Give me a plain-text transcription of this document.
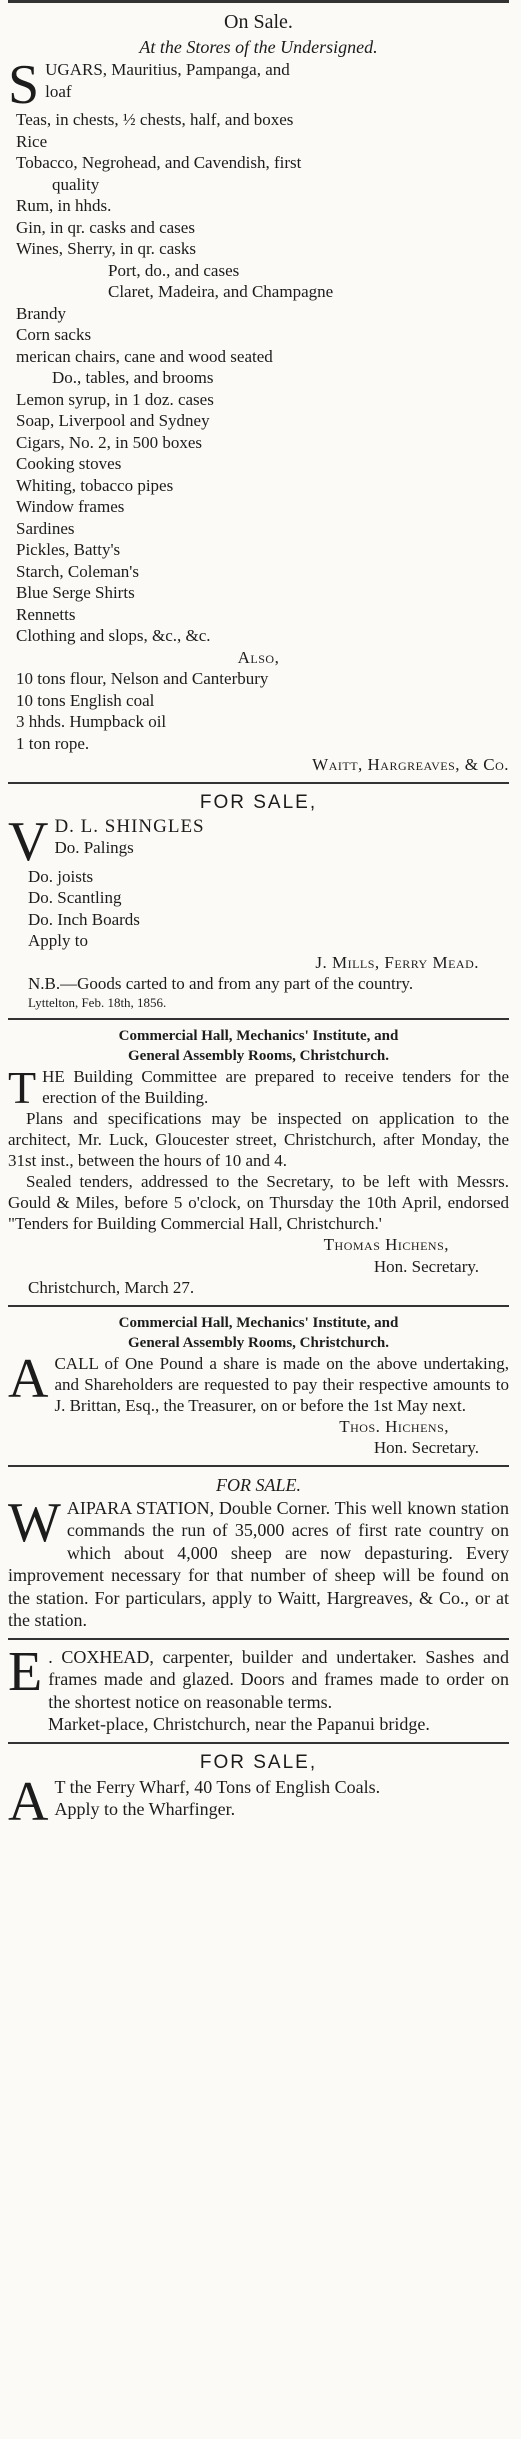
On Sale.
At the Stores of the Undersigned.
S UGARS, Mauritius, Pampanga, and
loaf
Teas, in chests, ½ chests, half, and boxes
Rice
Tobacco, Negrohead, and Cavendish, first
quality
Rum, in hhds.
Gin, in qr. casks and cases
Wines, Sherry, in qr. casks
Port, do., and cases
Claret, Madeira, and Champagne
Brandy
Corn sacks
merican chairs, cane and wood seated
Do., tables, and brooms
Lemon syrup, in 1 doz. cases
Soap, Liverpool and Sydney
Cigars, No. 2, in 500 boxes
Cooking stoves
Whiting, tobacco pipes
Window frames
Sardines
Pickles, Batty's
Starch, Coleman's
Blue Serge Shirts
Rennetts
Clothing and slops, &c., &c.
Also,
10 tons flour, Nelson and Canterbury
10 tons English coal
3 hhds. Humpback oil
1 ton rope.
Waitt, Hargreaves, & Co.
FOR SALE,
V D. L. SHINGLES
Do. Palings
Do. joists
Do. Scantling
Do. Inch Boards
Apply to
J. Mills, Ferry Mead.
N.B.—Goods carted to and from any part of the country.
Lyttelton, Feb. 18th, 1856.
Commercial Hall, Mechanics' Institute, and
General Assembly Rooms, Christchurch.

THE Building Committee are prepared to receive tenders for the erection of the Building.

Plans and specifications may be inspected on application to the architect, Mr. Luck, Gloucester street, Christchurch, after Monday, the 31st inst., between the hours of 10 and 4.

Sealed tenders, addressed to the Secretary, to be left with Messrs. Gould & Miles, before 5 o'clock, on Thursday the 10th April, endorsed "Tenders for Building Commercial Hall, Christchurch.'

Thomas Hichens,
Hon. Secretary.
Christchurch, March 27.
Commercial Hall, Mechanics' Institute, and
General Assembly Rooms, Christchurch.

ACALL of One Pound a share is made on the above undertaking, and Shareholders are requested to pay their respective amounts to J. Brittan, Esq., the Treasurer, on or before the 1st May next.

Thos. Hichens,
Hon. Secretary.
FOR SALE.

WAIPARA STATION, Double Corner. This well known station commands the run of 35,000 acres of first rate country on which about 4,000 sheep are now depasturing. Every improvement necessary for that number of sheep will be found on the station. For particulars, apply to Waitt, Hargreaves, & Co., or at the station.

E . COXHEAD, carpenter, builder and undertaker. Sashes and frames made and glazed. Doors and frames made to order on the shortest notice on reasonable terms.

Market-place, Christchurch, near the Papanui bridge.

FOR SALE,

A T the Ferry Wharf, 40 Tons of English Coals.

Apply to the Wharfinger.
